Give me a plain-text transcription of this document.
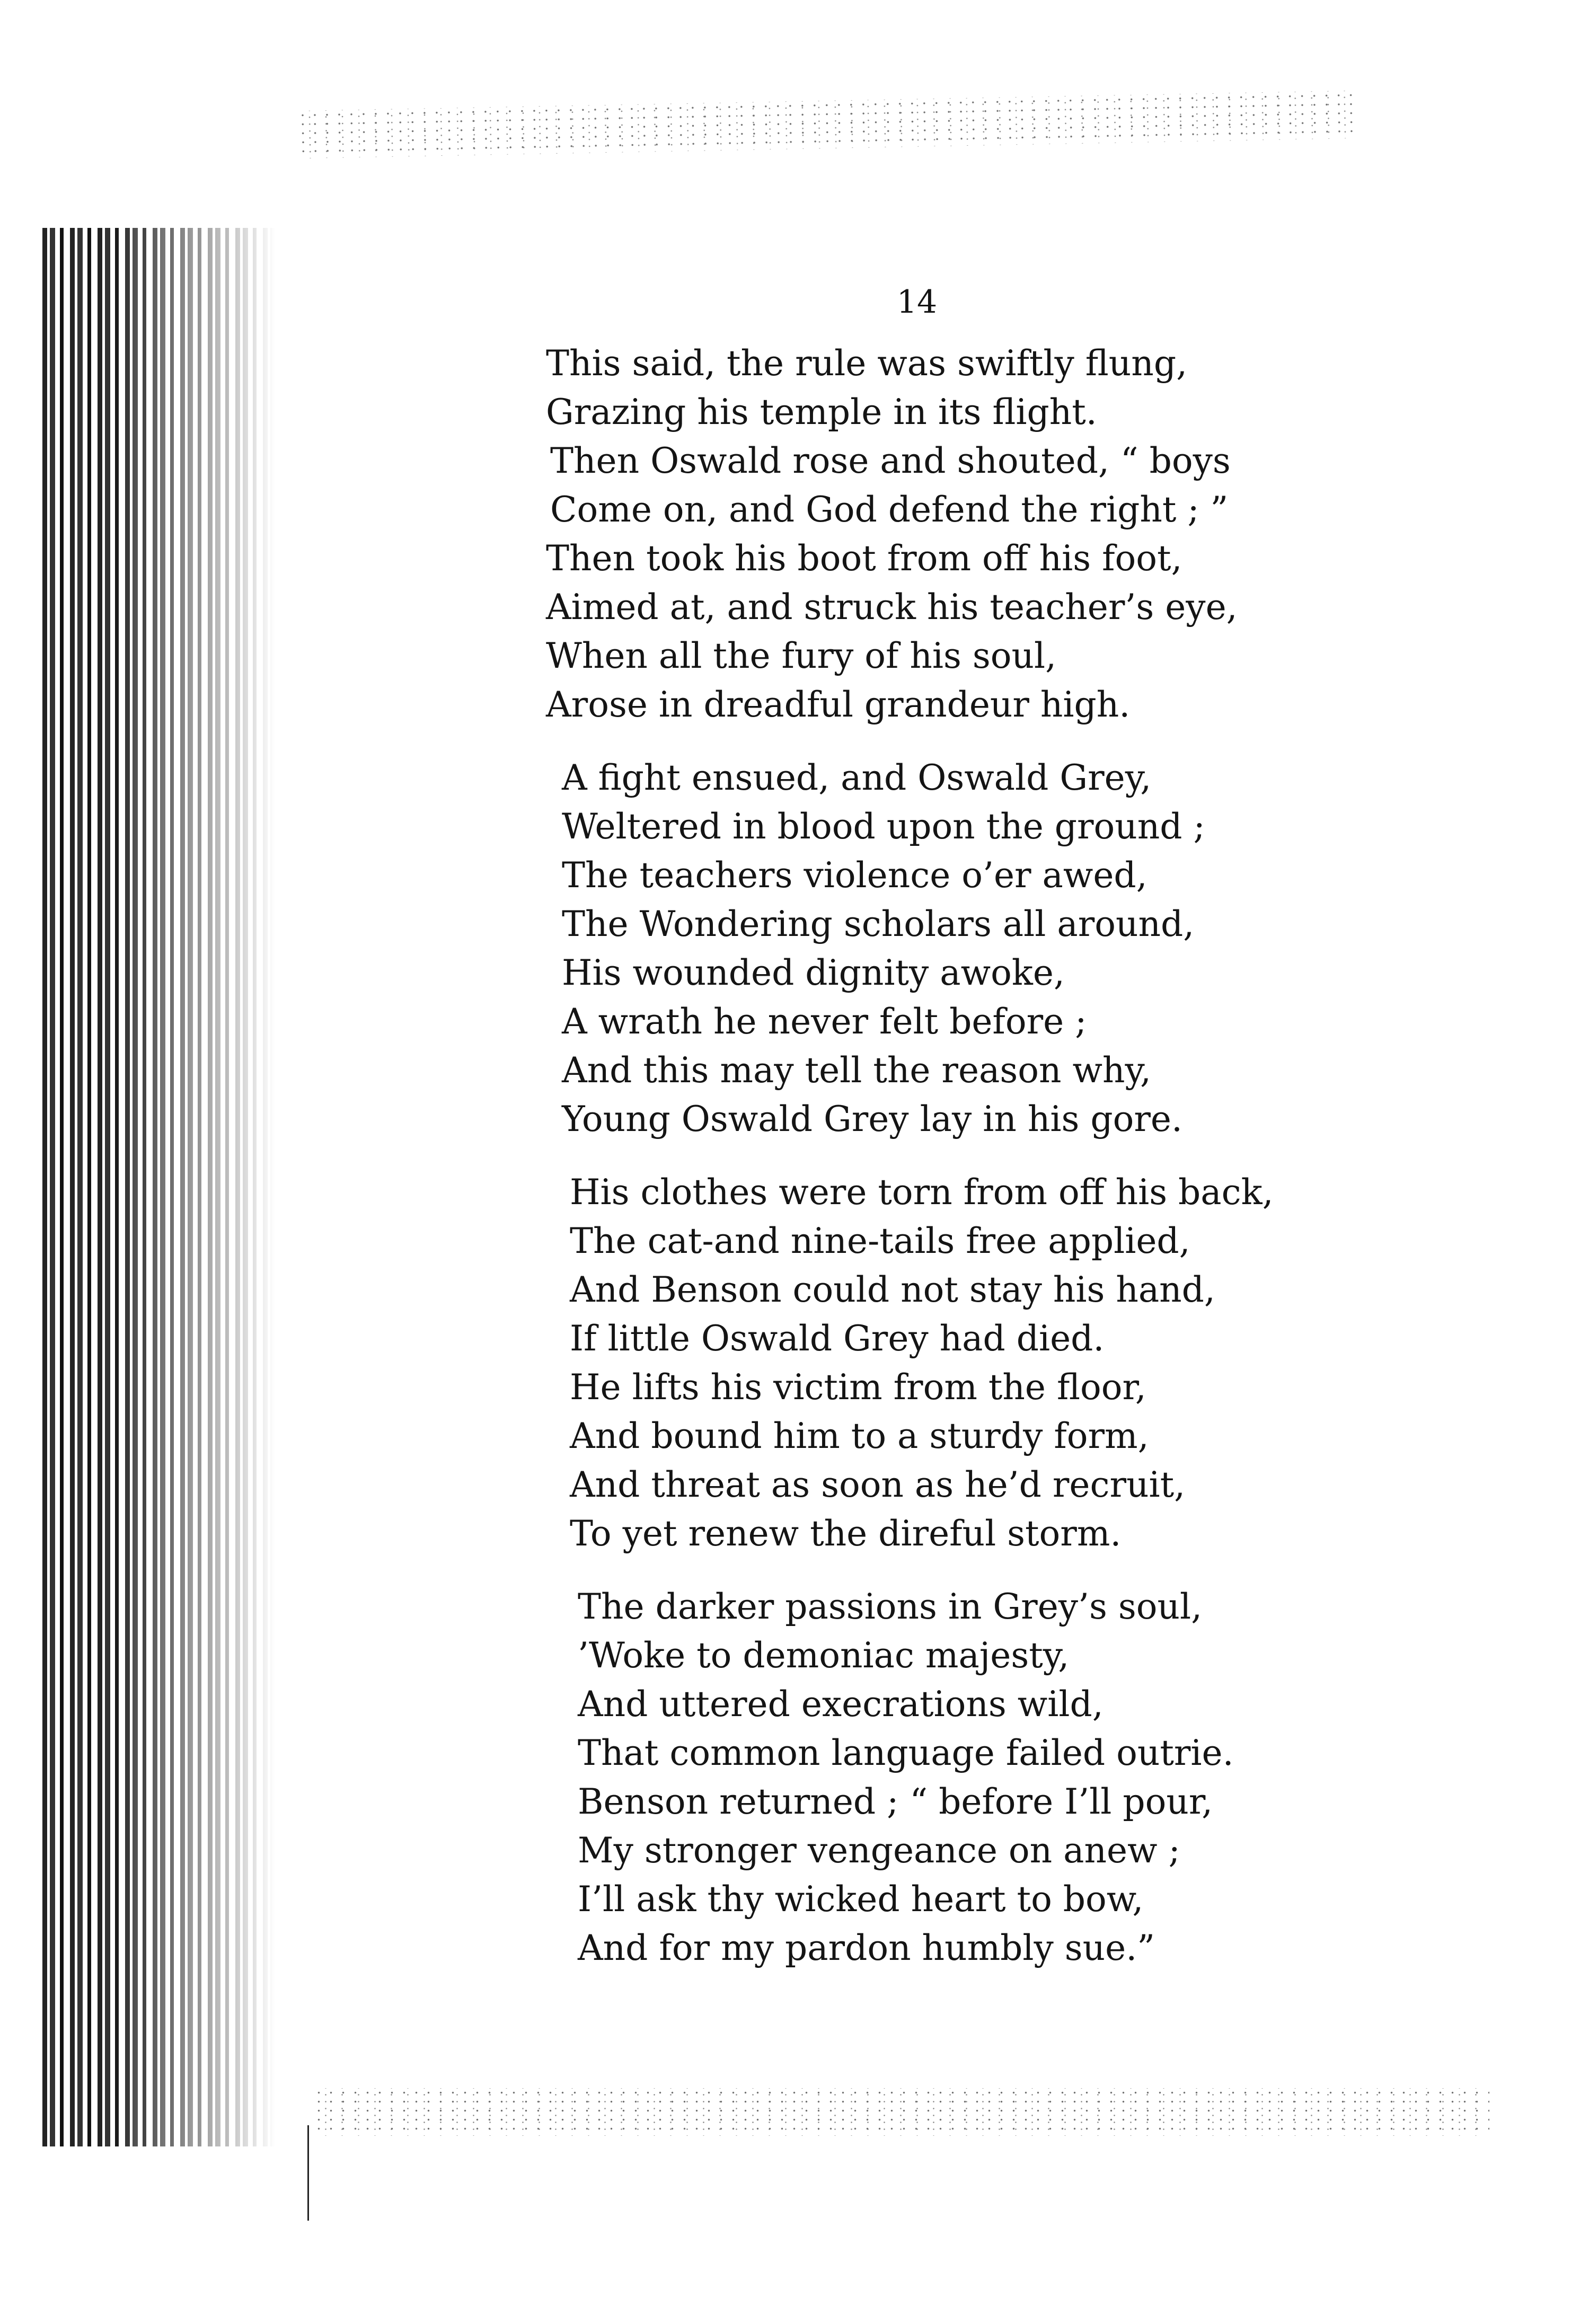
14
This said, the rule was swiftly flung,
Grazing his temple in its flight.
Then Oswald rose and shouted, “ boys
Come on, and God defend the right ; ”
Then took his boot from off his foot,
Aimed at, and struck his teacher’s eye,
When all the fury of his soul,
Arose in dreadful grandeur high.
A fight ensued, and Oswald Grey,
Weltered in blood upon the ground ;
The teachers violence o’er awed,
The Wondering scholars all around,
His wounded dignity awoke,
A wrath he never felt before ;
And this may tell the reason why,
Young Oswald Grey lay in his gore.
His clothes were torn from off his back,
The cat-and nine-tails free applied,
And Benson could not stay his hand,
If little Oswald Grey had died.
He lifts his victim from the floor,
And bound him to a sturdy form,
And threat as soon as he’d recruit,
To yet renew the direful storm.
The darker passions in Grey’s soul,
’Woke to demoniac majesty,
And uttered execrations wild,
That common language failed outrie.
Benson returned ; “ before I’ll pour,
My stronger vengeance on anew ;
I’ll ask thy wicked heart to bow,
And for my pardon humbly sue.”
